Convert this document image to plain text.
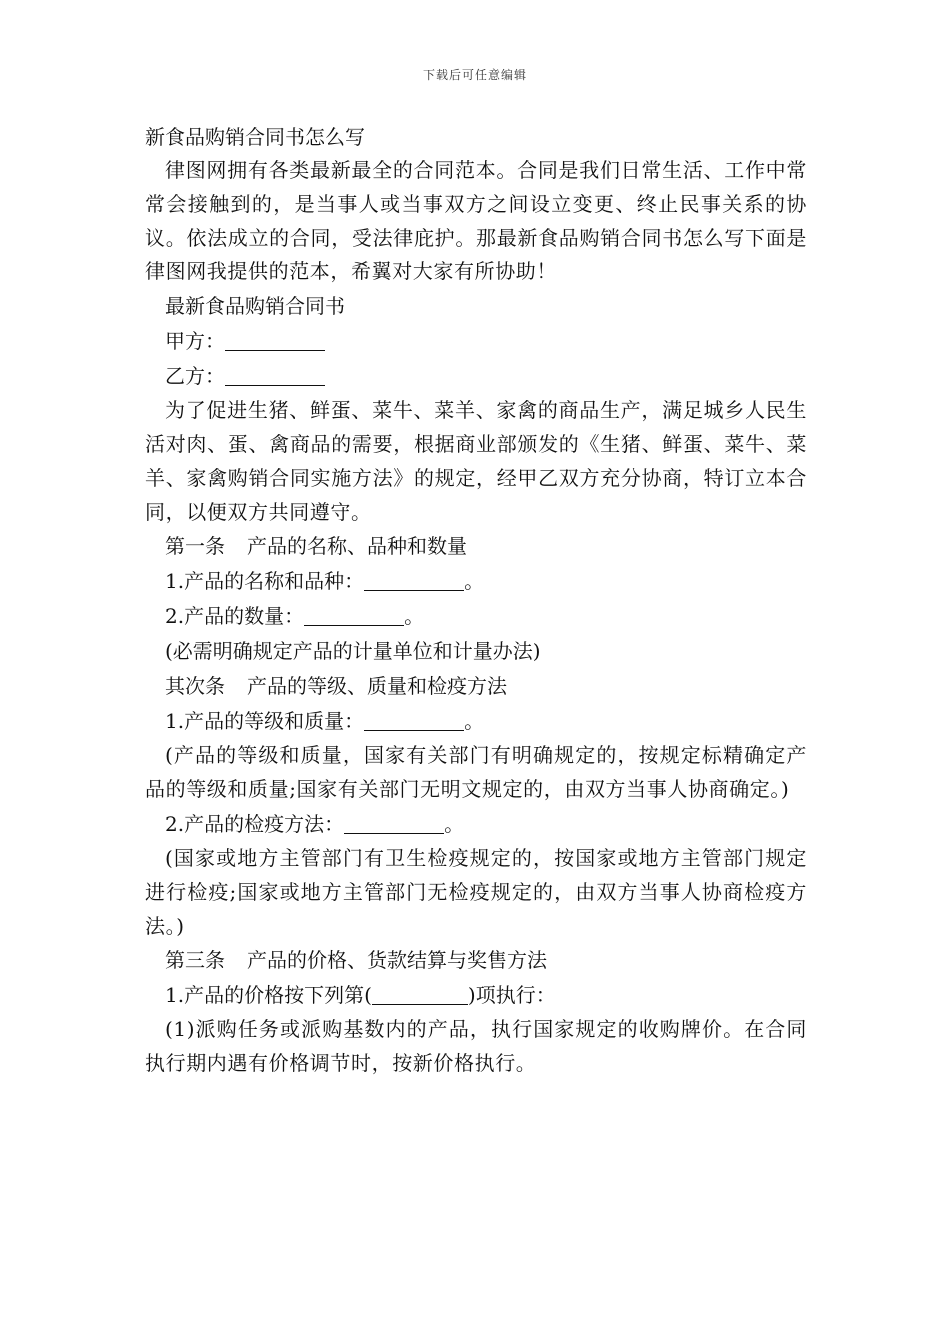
下载后可任意编辑

新食品购销合同书怎么写

律图网拥有各类最新最全的合同范本。合同是我们日常生活、工作中常常会接触到的，是当事人或当事双方之间设立变更、终止民事关系的协议。依法成立的合同，受法律庇护。那最新食品购销合同书怎么写下面是律图网我提供的范本，希翼对大家有所协助！

最新食品购销合同书

甲方：

乙方：

为了促进生猪、鲜蛋、菜牛、菜羊、家禽的商品生产，满足城乡人民生活对肉、蛋、禽商品的需要，根据商业部颁发的《生猪、鲜蛋、菜牛、菜羊、家禽购销合同实施方法》的规定，经甲乙双方充分协商，特订立本合同，以便双方共同遵守。

第一条 产品的名称、品种和数量

1.产品的名称和品种：	。

2.产品的数量：	。

(必需明确规定产品的计量单位和计量办法)

其次条 产品的等级、质量和检疫方法

1.产品的等级和质量：	。

(产品的等级和质量，国家有关部门有明确规定的，按规定标精确定产品的等级和质量;国家有关部门无明文规定的，由双方当事人协商确定。)

2.产品的检疫方法：	。

(国家或地方主管部门有卫生检疫规定的，按国家或地方主管部门规定进行检疫;国家或地方主管部门无检疫规定的，由双方当事人协商检疫方法。)

第三条 产品的价格、货款结算与奖售方法

1.产品的价格按下列第(	)项执行：

(1)派购任务或派购基数内的产品，执行国家规定的收购牌价。在合同执行期内遇有价格调节时，按新价格执行。
